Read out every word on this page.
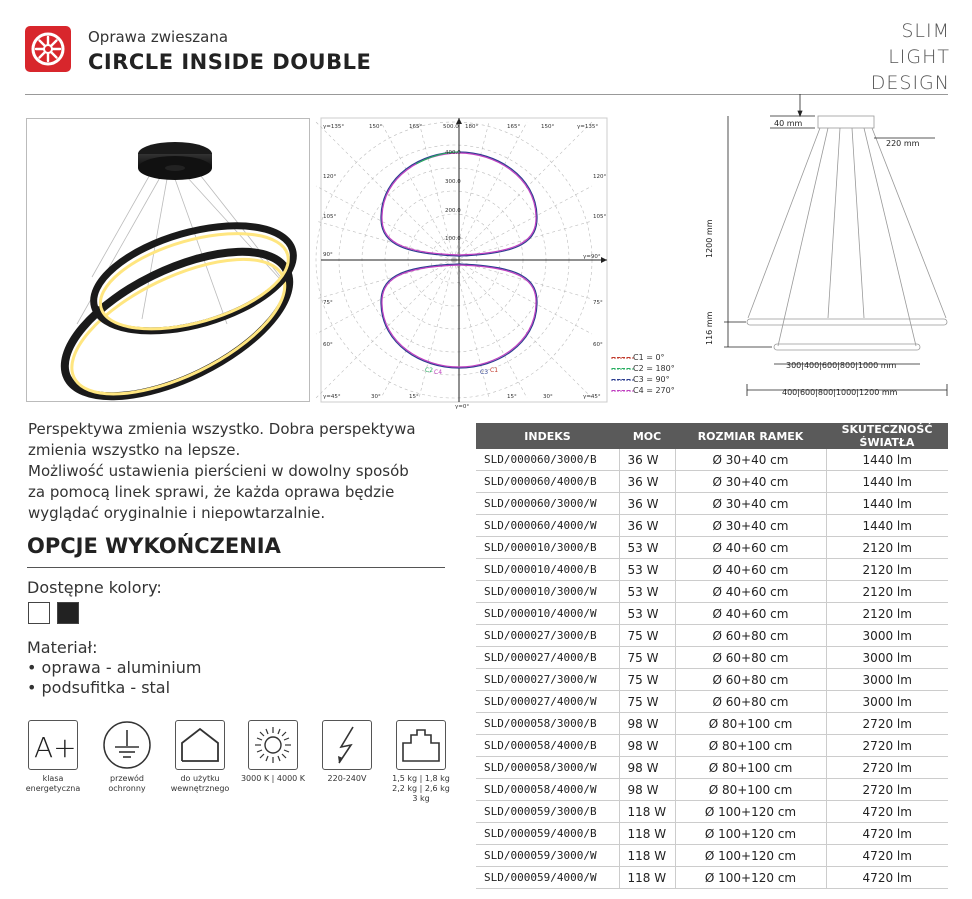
Oprawa zwieszana
CIRCLE INSIDE DOUBLE
SLIM LIGHT
DESIGN
γ=135°	150°	165°	500.0 180°	165°	150°	γ=135°
120°
105°
90°
75°
60°
120°
105°
γ=90°
75°
60°
γ=45°	30°	15°
γ=0°
15°	30°	γ=45°
400.0
300.0
200.0
100.0
C2 C4	C3 C1
C1 = 0°
C2 = 180°
C3 = 90°
C4 = 270°
40 mm
220 mm
1200 mm
116 mm
300|400|600|800|1000 mm
400|600|800|1000|1200 mm
Perspektywa zmienia wszystko. Dobra perspektywa
zmienia wszystko na lepsze.
Możliwość ustawienia pierścieni w dowolny sposób
za pomocą linek sprawi, że każda oprawa będzie
wyglądać oryginalnie i niepowtarzalnie.
OPCJE WYKOŃCZENIA
Dostępne kolory:
Materiał:
• oprawa - aluminium
• podsufitka - stal
A+
klasa
energetyczna
przewód
ochronny
do użytku
wewnętrznego
3000 K | 4000 K	220-240V	1,5 kg | 1,8 kg
2,2 kg | 2,6 kg
3 kg
INDEKS	MOC	ROZMIAR RAMEK	SKUTECZNOŚĆ ŚWIATŁA
SLD/000060/3000/B	36 W	Ø 30+40 cm	1440 lm
SLD/000060/4000/B	36 W	Ø 30+40 cm	1440 lm
SLD/000060/3000/W	36 W	Ø 30+40 cm	1440 lm
SLD/000060/4000/W	36 W	Ø 30+40 cm	1440 lm
SLD/000010/3000/B	53 W	Ø 40+60 cm	2120 lm
SLD/000010/4000/B	53 W	Ø 40+60 cm	2120 lm
SLD/000010/3000/W	53 W	Ø 40+60 cm	2120 lm
SLD/000010/4000/W	53 W	Ø 40+60 cm	2120 lm
SLD/000027/3000/B	75 W	Ø 60+80 cm	3000 lm
SLD/000027/4000/B	75 W	Ø 60+80 cm	3000 lm
SLD/000027/3000/W	75 W	Ø 60+80 cm	3000 lm
SLD/000027/4000/W	75 W	Ø 60+80 cm	3000 lm
SLD/000058/3000/B	98 W	Ø 80+100 cm	2720 lm
SLD/000058/4000/B	98 W	Ø 80+100 cm	2720 lm
SLD/000058/3000/W	98 W	Ø 80+100 cm	2720 lm
SLD/000058/4000/W	98 W	Ø 80+100 cm	2720 lm
SLD/000059/3000/B	118 W	Ø 100+120 cm	4720 lm
SLD/000059/4000/B	118 W	Ø 100+120 cm	4720 lm
SLD/000059/3000/W	118 W	Ø 100+120 cm	4720 lm
SLD/000059/4000/W	118 W	Ø 100+120 cm	4720 lm
